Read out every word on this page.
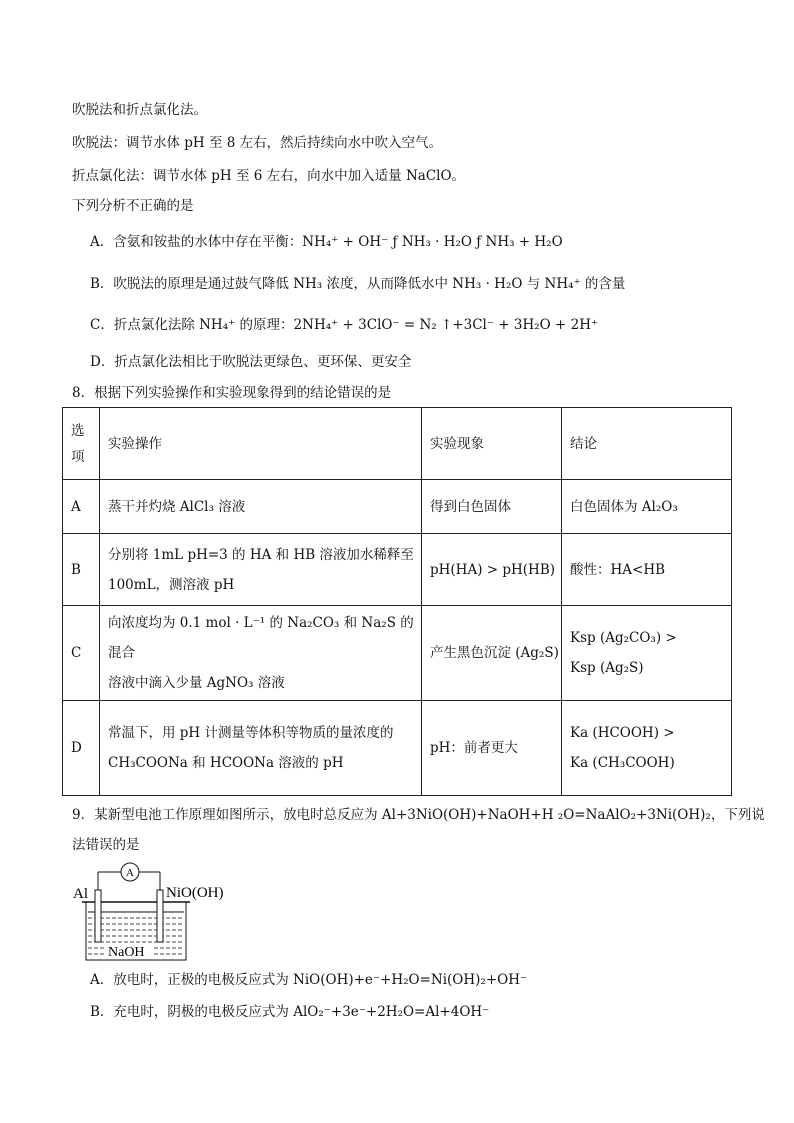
吹脱法和折点氯化法。
吹脱法：调节水体 pH 至 8 左右，然后持续向水中吹入空气。
折点氯化法：调节水体 pH 至 6 左右，向水中加入适量 NaClO。
下列分析不正确的是
A．含氨和铵盐的水体中存在平衡：NH₄⁺ + OH⁻ ƒ NH₃ · H₂O ƒ NH₃ + H₂O
B．吹脱法的原理是通过鼓气降低 NH₃ 浓度，从而降低水中 NH₃ · H₂O 与 NH₄⁺ 的含量
C．折点氯化法除 NH₄⁺ 的原理：2NH₄⁺ + 3ClO⁻ = N₂ ↑+3Cl⁻ + 3H₂O + 2H⁺
D．折点氯化法相比于吹脱法更绿色、更环保、更安全
8．根据下列实验操作和实验现象得到的结论错误的是
选项	实验操作	实验现象	结论
A	蒸干并灼烧 AlCl₃ 溶液	得到白色固体	白色固体为 Al₂O₃
B	分别将 1mL pH=3 的 HA 和 HB 溶液加水稀释至
100mL，测溶液 pH	pH(HA) > pH(HB)	酸性：HA<HB
C	向浓度均为 0.1 mol · L⁻¹ 的 Na₂CO₃ 和 Na₂S 的混合
溶液中滴入少量 AgNO₃ 溶液	产生黑色沉淀 (Ag₂S)	Ksp (Ag₂CO₃) >
Ksp (Ag₂S)

D	常温下，用 pH 计测量等体积等物质的量浓度的
CH₃COONa 和 HCOONa 溶液的 pH	pH：前者更大	Ka (HCOOH) >
Ka (CH₃COOH)
9．某新型电池工作原理如图所示，放电时总反应为 Al+3NiO(OH)+NaOH+H ₂O=NaAlO₂+3Ni(OH)₂，下列说
法错误的是
A
Al	NiO(OH)
NaOH
A．放电时，正极的电极反应式为 NiO(OH)+e⁻+H₂O=Ni(OH)₂+OH⁻
B．充电时，阴极的电极反应式为 AlO₂⁻+3e⁻+2H₂O=Al+4OH⁻
